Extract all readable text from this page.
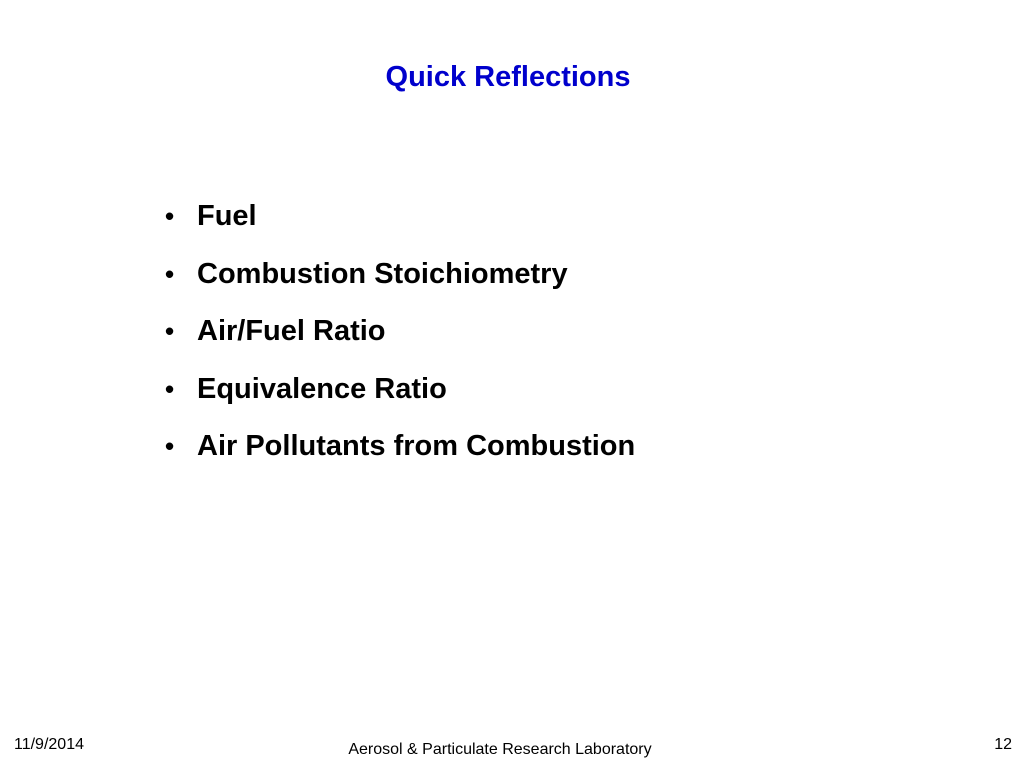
Quick Reflections
• Fuel
• Combustion Stoichiometry
• Air/Fuel Ratio
• Equivalence Ratio
• Air Pollutants from Combustion
11/9/2014	Aerosol & Particulate Research Laboratory	12
